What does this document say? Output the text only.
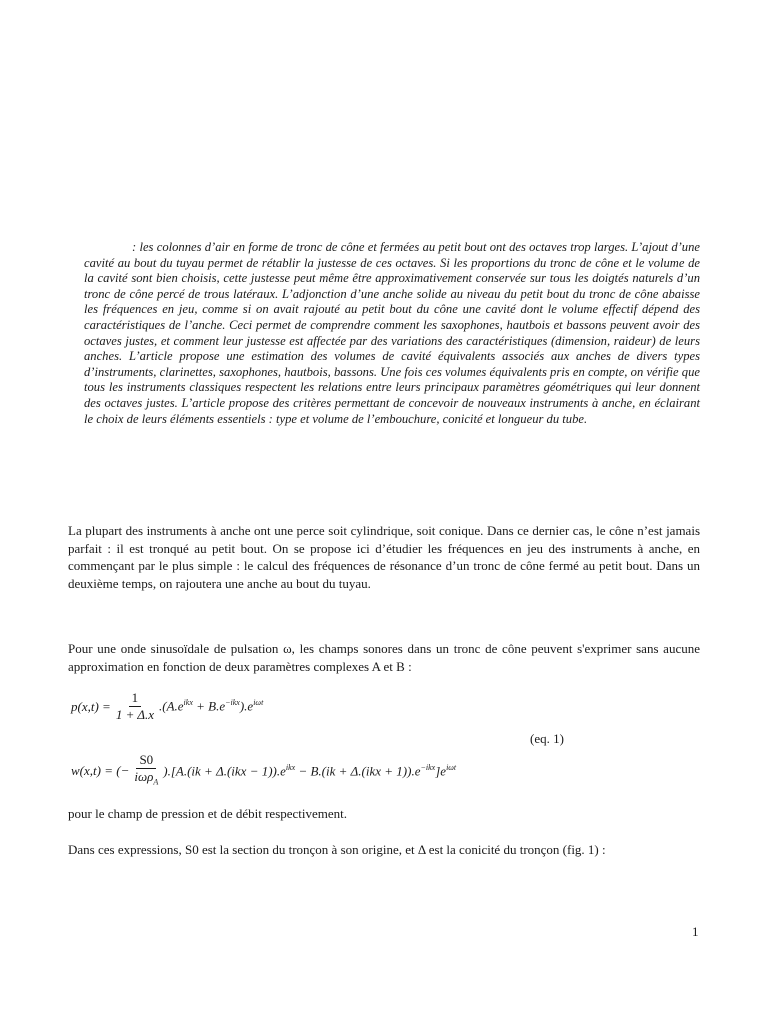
: les colonnes d’air en forme de tronc de cône et fermées au petit bout ont des octaves trop larges. L’ajout d’une cavité au bout du tuyau permet de rétablir la justesse de ces octaves. Si les proportions du tronc de cône et le volume de la cavité sont bien choisis, cette justesse peut même être approximativement conservée sur tous les doigtés naturels d’un tronc de cône percé de trous latéraux. L’adjonction d’une anche solide au niveau du petit bout du tronc de cône abaisse les fréquences en jeu, comme si on avait rajouté au petit bout du cône une cavité dont le volume effectif dépend des caractéristiques de l’anche. Ceci permet de comprendre comment les saxophones, hautbois et bassons peuvent avoir des octaves justes, et comment leur justesse est affectée par des variations des caractéristiques (dimension, raideur) de leurs anches. L’article propose une estimation des volumes de cavité équivalents associés aux anches de divers types d’instruments, clarinettes, saxophones, hautbois, bassons. Une fois ces volumes équivalents pris en compte, on vérifie que tous les instruments classiques respectent les relations entre leurs principaux paramètres géométriques qui leur donnent des octaves justes. L’article propose des critères permettant de concevoir de nouveaux instruments à anche, en éclairant le choix de leurs éléments essentiels : type et volume de l’embouchure, conicité et longueur du tube.

La plupart des instruments à anche ont une perce soit cylindrique, soit conique. Dans ce dernier cas, le cône n’est jamais parfait : il est tronqué au petit bout. On se propose ici d’étudier les fréquences en jeu des instruments à anche, en commençant par le plus simple : le calcul des fréquences de résonance d’un tronc de cône fermé au petit bout. Dans un deuxième temps, on rajoutera une anche au bout du tuyau.

Pour une onde sinusoïdale de pulsation ω, les champs sonores dans un tronc de cône peuvent s'exprimer sans aucune approximation en fonction de deux paramètres complexes A et B :

$p(x,t) = \frac{1}{1 + \Delta.x} .(A.e^{ikx} + B.e^{-ikx}).e^{i\omega t}$
(eq. 1)
w(x,t) = (− $\frac{S0}{i\omega\rho_A} ).[A.(ik + \Delta.(ikx - 1)).e^{ikx} - B.(ik + \Delta.(ikx + 1)).e^{-ikx}]e^{i\omega t}$

pour le champ de pression et de débit respectivement.

Dans ces expressions, S0 est la section du tronçon à son origine, et Δ est la conicité du tronçon (fig. 1) :

1
